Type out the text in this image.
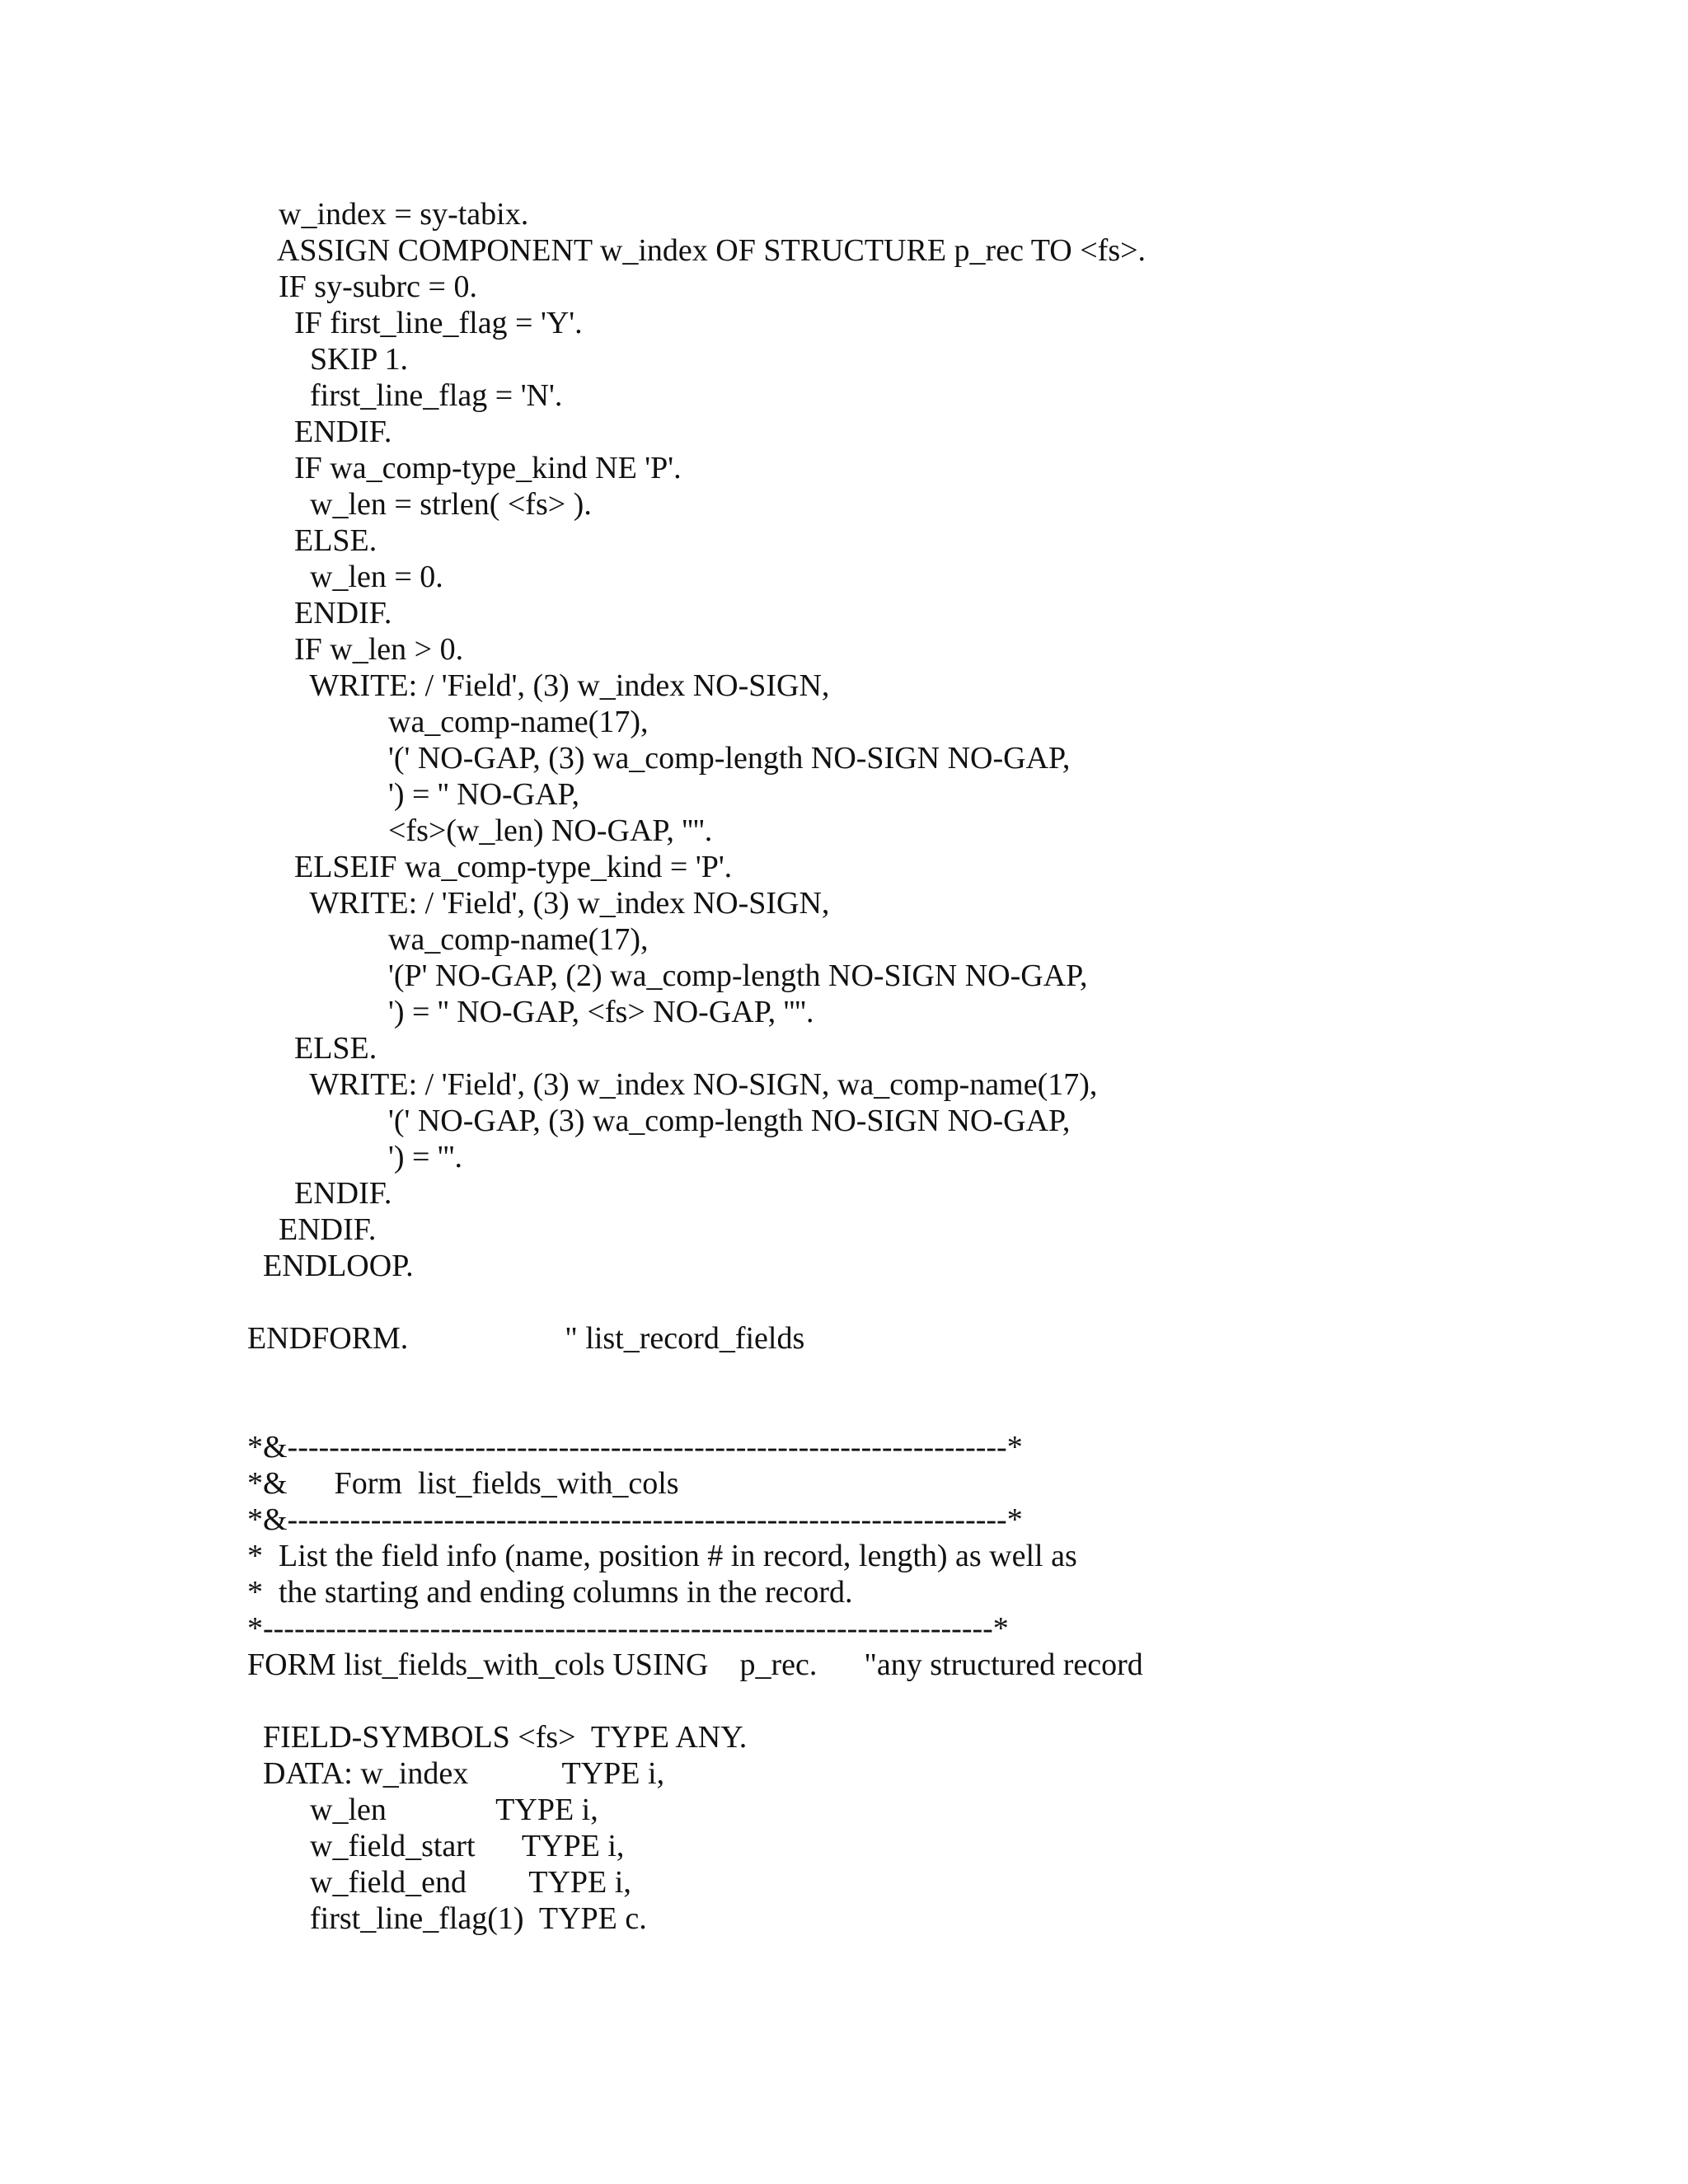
w_index = sy-tabix.
ASSIGN COMPONENT w_index OF STRUCTURE p_rec TO <fs>.
IF sy-subrc = 0.
IF first_line_flag = 'Y'.
SKIP 1.
first_line_flag = 'N'.
ENDIF.
IF wa_comp-type_kind NE 'P'.
w_len = strlen( <fs> ).
ELSE.
w_len = 0.
ENDIF.
IF w_len > 0.
WRITE: / 'Field', (3) w_index NO-SIGN,
wa_comp-name(17),
'(' NO-GAP, (3) wa_comp-length NO-SIGN NO-GAP,
') = '' NO-GAP,
<fs>(w_len) NO-GAP, ''''.
ELSEIF wa_comp-type_kind = 'P'.
WRITE: / 'Field', (3) w_index NO-SIGN,
wa_comp-name(17),
'(P' NO-GAP, (2) wa_comp-length NO-SIGN NO-GAP,
') = '' NO-GAP, <fs> NO-GAP, ''''.
ELSE.
WRITE: / 'Field', (3) w_index NO-SIGN, wa_comp-name(17),
'(' NO-GAP, (3) wa_comp-length NO-SIGN NO-GAP,
') = '''.
ENDIF.
ENDIF.
ENDLOOP.
ENDFORM.                    " list_record_fields
*&---------------------------------------------------------------------*
*&      Form  list_fields_with_cols
*&---------------------------------------------------------------------*
*  List the field info (name, position # in record, length) as well as
*  the starting and ending columns in the record.
*----------------------------------------------------------------------*
FORM list_fields_with_cols USING    p_rec.      "any structured record
FIELD-SYMBOLS <fs>  TYPE ANY.
DATA: w_index            TYPE i,
w_len              TYPE i,
w_field_start      TYPE i,
w_field_end        TYPE i,
first_line_flag(1)  TYPE c.
